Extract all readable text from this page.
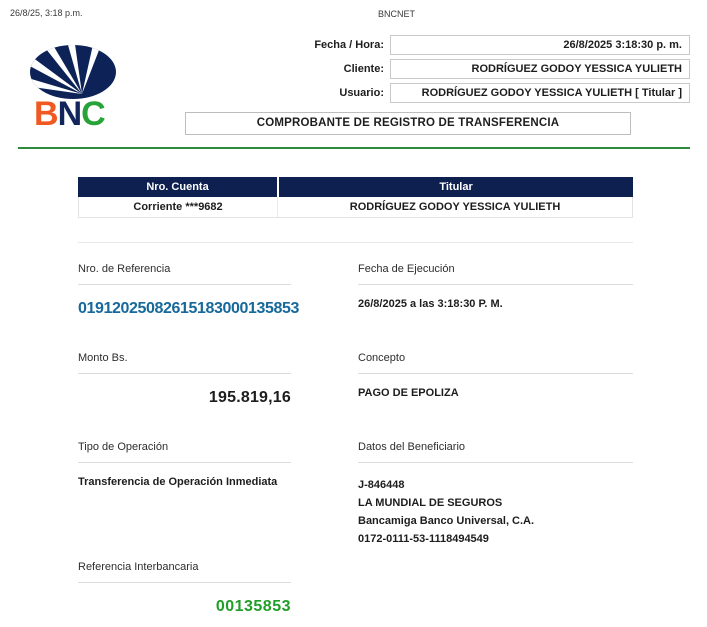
26/8/25, 3:18 p.m.	BNCNET
BNC
Fecha / Hora:	26/8/2025 3:18:30 p. m.
Cliente:	RODRÍGUEZ GODOY YESSICA YULIETH
Usuario:	RODRÍGUEZ GODOY YESSICA YULIETH [ Titular ]
COMPROBANTE DE REGISTRO DE TRANSFERENCIA
Nro. Cuenta	Titular
Corriente ***9682	RODRÍGUEZ GODOY YESSICA YULIETH
Nro. de Referencia
01912025082615183000135853
Fecha de Ejecución
26/8/2025 a las 3:18:30 P. M.
Monto Bs.
195.819,16
Concepto
PAGO DE EPOLIZA
Tipo de Operación
Transferencia de Operación Inmediata
Datos del Beneficiario
J-846448
LA MUNDIAL DE SEGUROS
Bancamiga Banco Universal, C.A.
0172-0111-53-1118494549
Referencia Interbancaria
00135853
